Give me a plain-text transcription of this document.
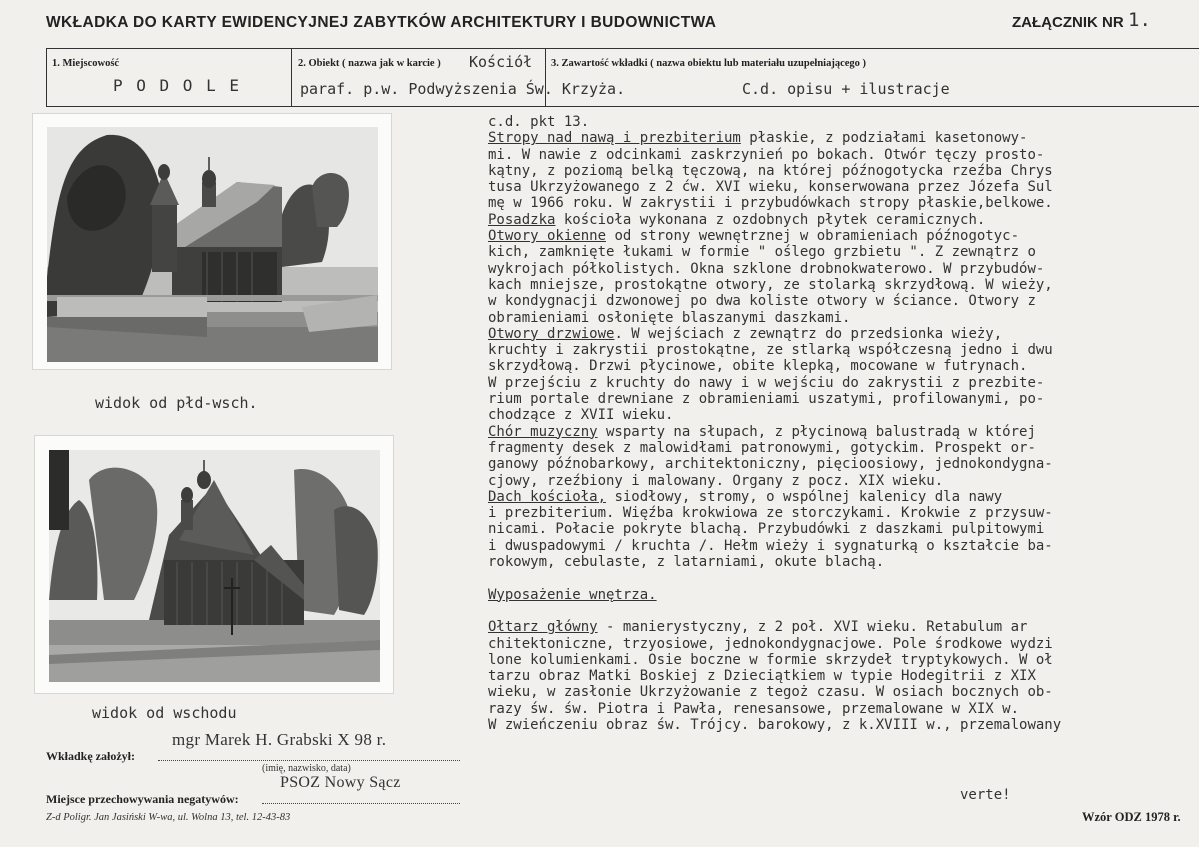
WKŁADKA DO KARTY EWIDENCYJNEJ ZABYTKÓW ARCHITEKTURY I BUDOWNICTWA	ZAŁĄCZNIK NR 1.
1. Miejscowość
P O D O L E
2. Obiekt ( nazwa jak w karcie ) Kościół
paraf. p.w. Podwyższenia Św. Krzyża.
3. Zawartość wkładki ( nazwa obiektu lub materiału uzupełniającego )
C.d. opisu + ilustracje
widok od płd-wsch.
widok od wschodu
c.d. pkt 13.
Stropy nad nawą i prezbiterium płaskie, z podziałami kasetonowy-
mi. W nawie z odcinkami zaskrzynień po bokach. Otwór tęczy prosto-
kątny, z poziomą belką tęczową, na której późnogotycka rzeźba Chrys
tusa Ukrzyżowanego z 2 ćw. XVI wieku, konserwowana przez Józefa Sul
mę w 1966 roku. W zakrystii i przybudówkach stropy płaskie,belkowe.
Posadzka kościoła wykonana z ozdobnych płytek ceramicznych.
Otwory okienne od strony wewnętrznej w obramieniach późnogotyc-
kich, zamknięte łukami w formie " oślego grzbietu ". Z zewnątrz o
wykrojach półkolistych. Okna szklone drobnokwaterowo. W przybudów-
kach mniejsze, prostokątne otwory, ze stolarką skrzydłową. W wieży,
w kondygnacji dzwonowej po dwa koliste otwory w ściance. Otwory z
obramieniami osłonięte blaszanymi daszkami.
Otwory drzwiowe. W wejściach z zewnątrz do przedsionka wieży,
kruchty i zakrystii prostokątne, ze stlarką współczesną jedno i dwu
skrzydłową. Drzwi płycinowe, obite klepką, mocowane w futrynach.
W przejściu z kruchty do nawy i w wejściu do zakrystii z prezbite-
rium portale drewniane z obramieniami uszatymi, profilowanymi, po-
chodzące z XVII wieku.
Chór muzyczny wsparty na słupach, z płycinową balustradą w której
fragmenty desek z malowidłami patronowymi, gotyckim. Prospekt or-
ganowy późnobarkowy, architektoniczny, pięcioosiowy, jednokondygna-
cjowy, rzeźbiony i malowany. Organy z pocz. XIX wieku.
Dach kościoła, siodłowy, stromy, o wspólnej kalenicy dla nawy
i prezbiterium. Więźba krokwiowa ze storczykami. Krokwie z przysuw-
nicami. Połacie pokryte blachą. Przybudówki z daszkami pulpitowymi
i dwuspadowymi / kruchta /. Hełm wieży i sygnaturką o kształcie ba-
rokowym, cebulaste, z latarniami, okute blachą.
Wyposażenie wnętrza.
Ołtarz główny - manierystyczny, z 2 poł. XVI wieku. Retabulum ar
chitektoniczne, trzyosiowe, jednokondygnacjowe. Pole środkowe wydzi
lone kolumienkami. Osie boczne w formie skrzydeł tryptykowych. W oł
tarzu obraz Matki Boskiej z Dzieciątkiem w typie Hodegitrii z XIX
wieku, w zasłonie Ukrzyżowanie z tegoż czasu. W osiach bocznych ob-
razy św. św. Piotra i Pawła, renesansowe, przemalowane w XIX w.
W zwieńczeniu obraz św. Trójcy. barokowy, z k.XVIII w., przemalowany
verte!
mgr Marek H. Grabski X 98 r.
Wkładkę założył:
(imię, nazwisko, data)
PSOZ Nowy Sącz
Miejsce przechowywania negatywów:
Z-d Poligr. Jan Jasiński W-wa, ul. Wolna 13, tel. 12-43-83	Wzór ODZ 1978 r.
